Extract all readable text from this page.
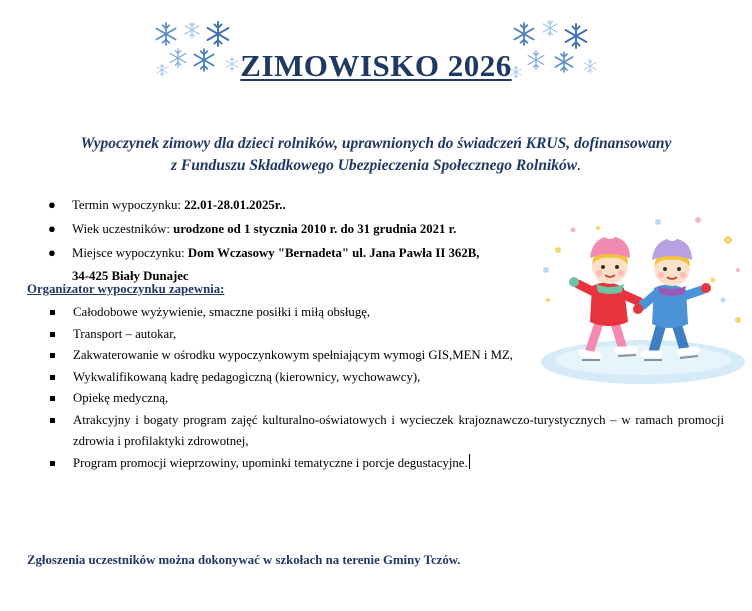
ZIMOWISKO 2026
Wypoczynek zimowy dla dzieci rolników, uprawnionych do świadczeń KRUS, dofinansowany
z Funduszu Składkowego Ubezpieczenia Społecznego Rolników.
● Termin wypoczynku: 22.01-28.01.2025r..
● Wiek uczestników: urodzone od 1 stycznia 2010 r. do 31 grudnia 2021 r.
● Miejsce wypoczynku: Dom Wczasowy "Bernadeta" ul. Jana Pawła II 362B,
34-425 Biały Dunajec
Organizator wypoczynku zapewnia:
Całodobowe wyżywienie, smaczne posiłki i miłą obsługę,
Transport – autokar,
Zakwaterowanie w ośrodku wypoczynkowym spełniającym wymogi GIS,MEN i MZ,
Wykwalifikowaną kadrę pedagogiczną (kierownicy, wychowawcy),
Opiekę medyczną,
Atrakcyjny i bogaty program zajęć kulturalno-oświatowych i wycieczek krajoznawczo-turystycznych – w ramach promocji zdrowia i profilaktyki zdrowotnej,
Program promocji wieprzowiny, upominki tematyczne i porcje degustacyjne.
Zgłoszenia uczestników można dokonywać w szkołach na terenie Gminy Tczów.
